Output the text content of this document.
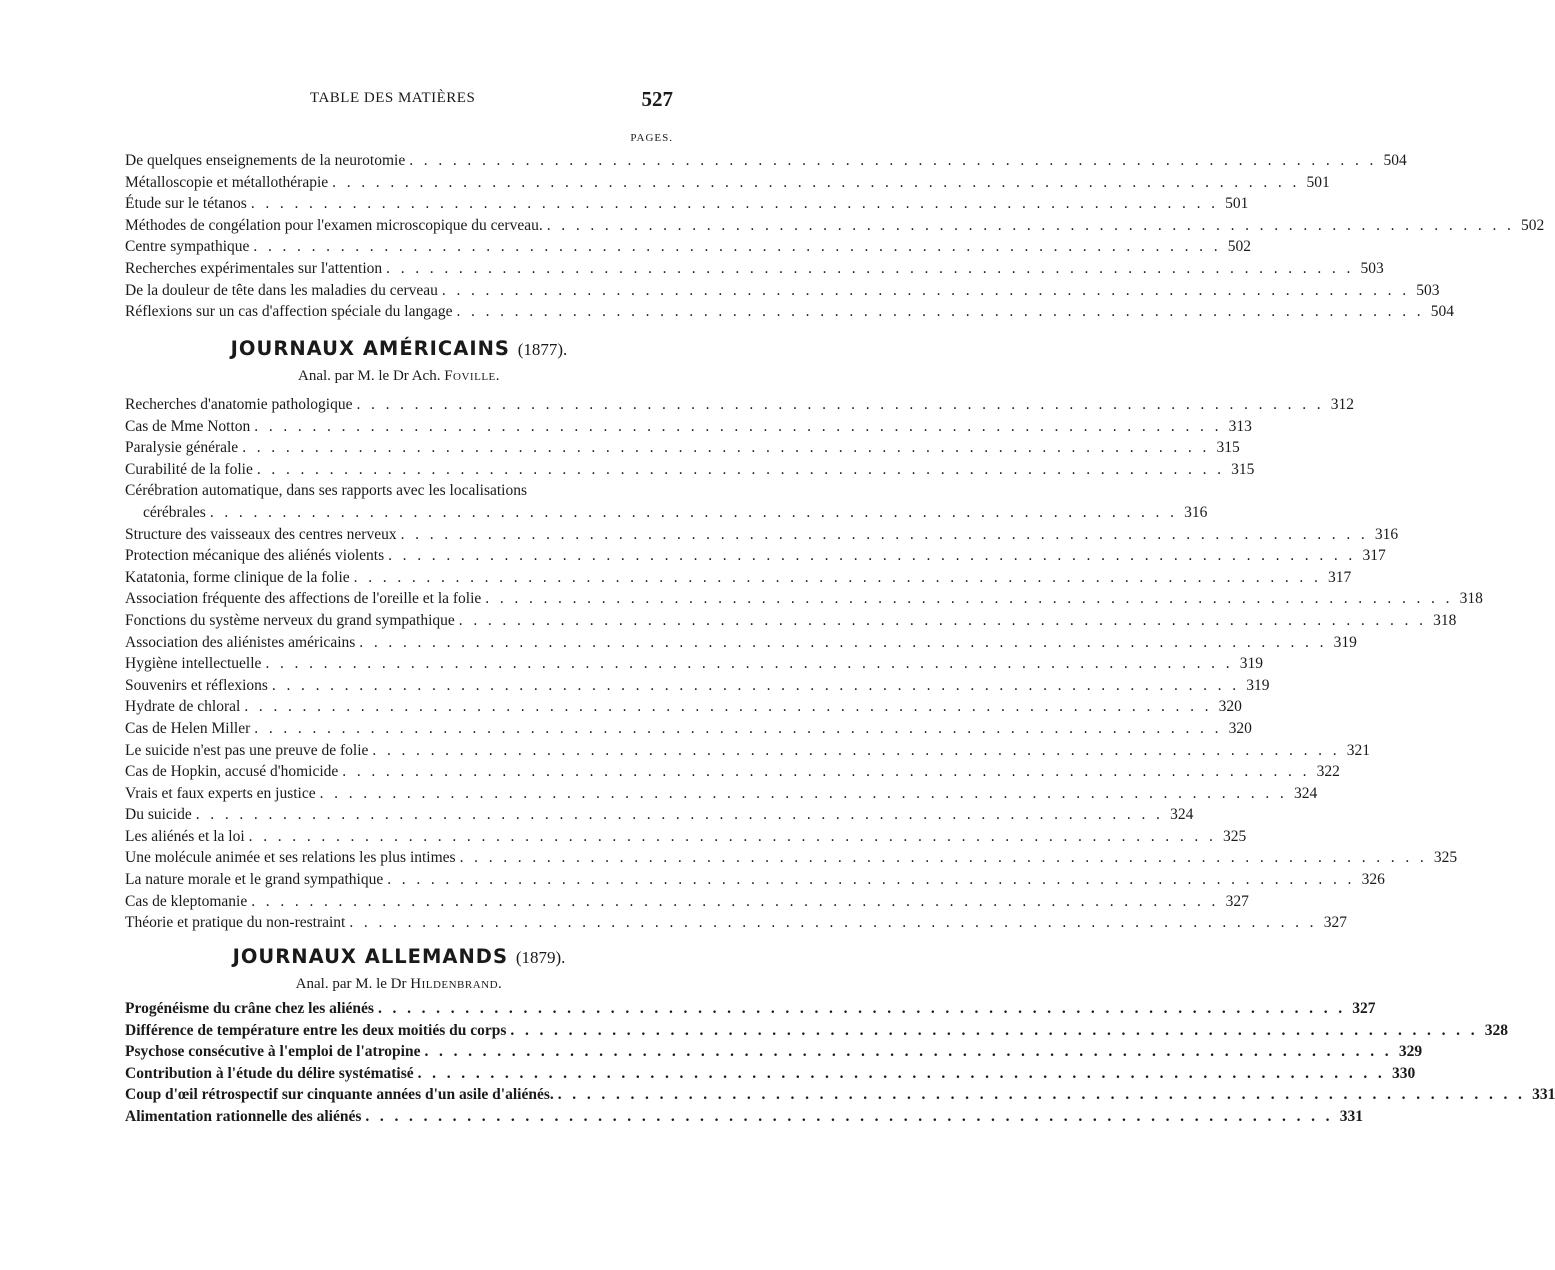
TABLE DES MATIÈRES	527
PAGES.
De quelques enseignements de la neurotomie . . .	504
Métalloscopie et métallothérapie . . .	501
Étude sur le tétanos . . .	501
Méthodes de congélation pour l'examen microscopique du cerveau. . . .	502
Centre sympathique . . .	502
Recherches expérimentales sur l'attention . . .	503
De la douleur de tête dans les maladies du cerveau . . .	503
Réflexions sur un cas d'affection spéciale du langage . . .	504
JOURNAUX AMÉRICAINS (1877).
Anal. par M. le Dr Ach. Foville.
Recherches d'anatomie pathologique . . .	312
Cas de Mme Notton . . .	313
Paralysie générale . . .	315
Curabilité de la folie . . .	315
Cérébration automatique, dans ses rapports avec les localisations
cérébrales . . .	316
Structure des vaisseaux des centres nerveux . . .	316
Protection mécanique des aliénés violents . . .	317
Katatonia, forme clinique de la folie . . .	317
Association fréquente des affections de l'oreille et la folie . . .	318
Fonctions du système nerveux du grand sympathique . . .	318
Association des aliénistes américains . . .	319
Hygiène intellectuelle . . .	319
Souvenirs et réflexions . . .	319
Hydrate de chloral . . .	320
Cas de Helen Miller . . .	320
Le suicide n'est pas une preuve de folie . . .	321
Cas de Hopkin, accusé d'homicide . . .	322
Vrais et faux experts en justice . . .	324
Du suicide . . .	324
Les aliénés et la loi . . .	325
Une molécule animée et ses relations les plus intimes . . .	325
La nature morale et le grand sympathique . . .	326
Cas de kleptomanie . . .	327
Théorie et pratique du non-restraint . . .	327
JOURNAUX ALLEMANDS (1879).
Anal. par M. le Dr Hildenbrand.
Progénéisme du crâne chez les aliénés . . .	327
Différence de température entre les deux moitiés du corps . . .	328
Psychose consécutive à l'emploi de l'atropine . . .	329
Contribution à l'étude du délire systématisé . . .	330
Coup d'œil rétrospectif sur cinquante années d'un asile d'aliénés. . . .	331
Alimentation rationnelle des aliénés . . .	331
